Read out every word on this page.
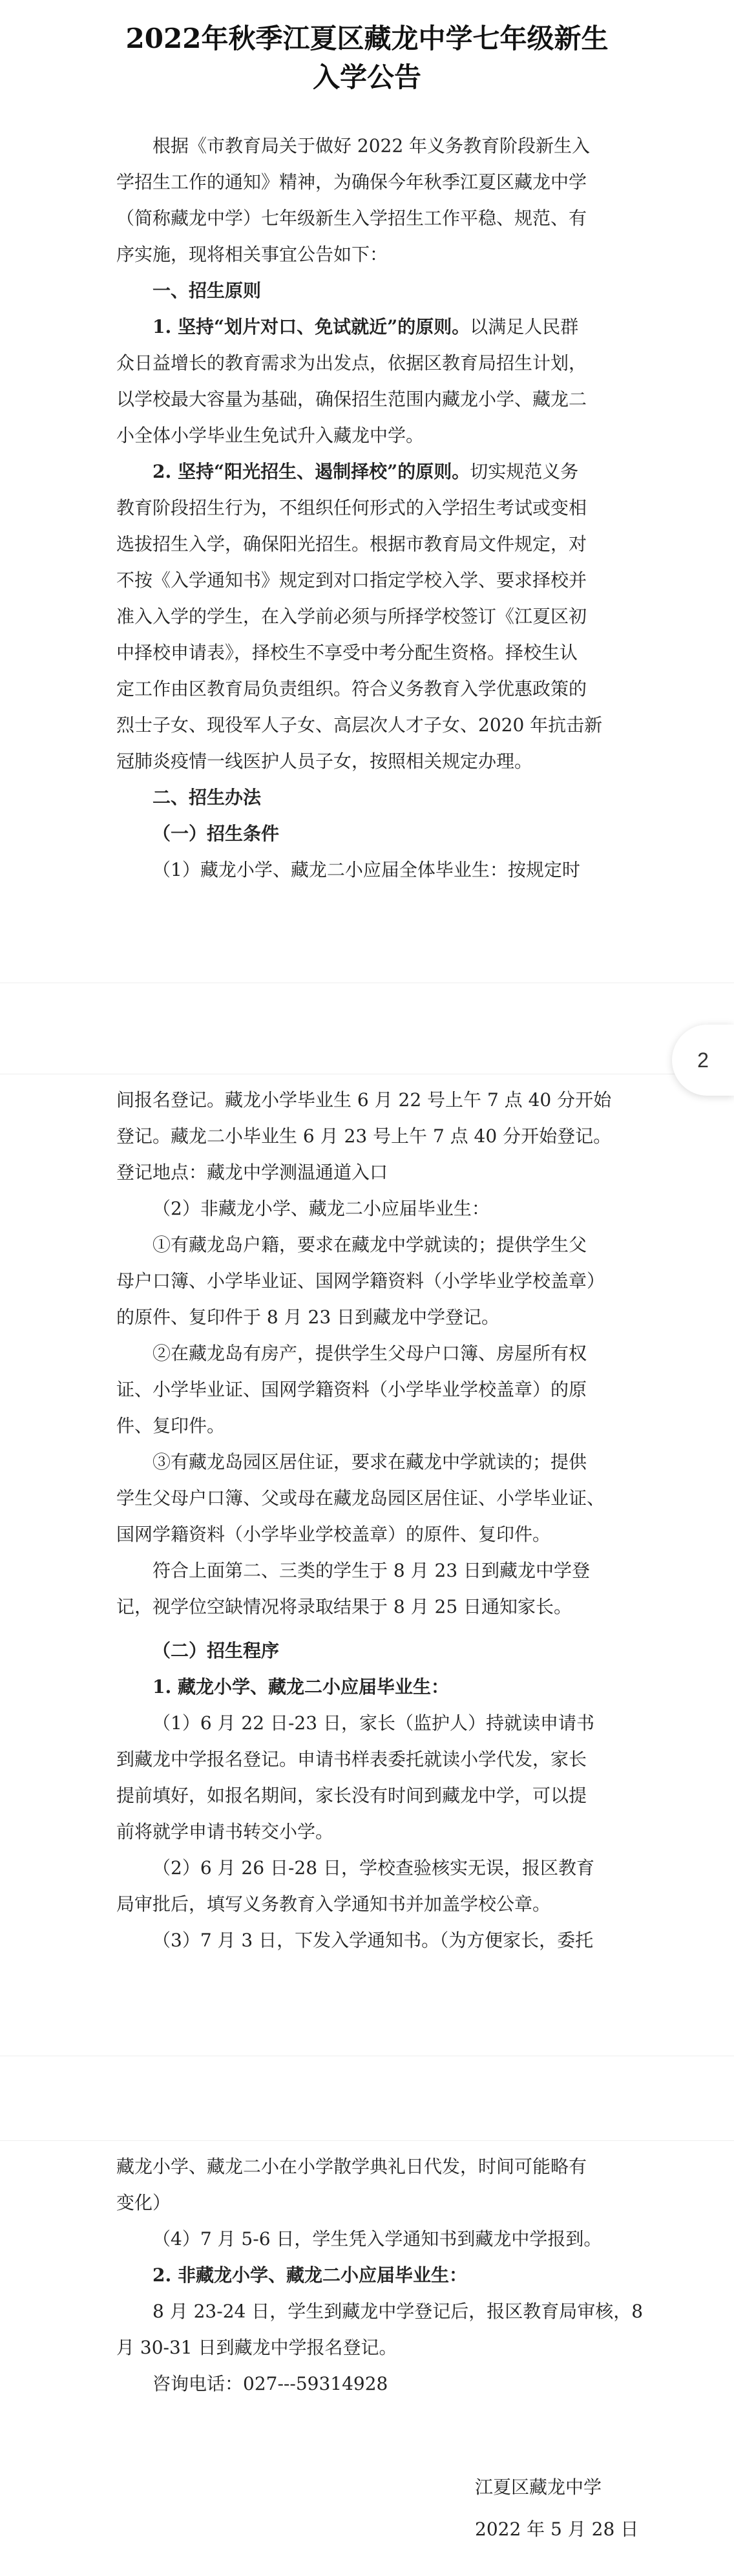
2022年秋季江夏区藏龙中学七年级新生
入学公告
根据《市教育局关于做好 2022 年义务教育阶段新生入
学招生工作的通知》精神，为确保今年秋季江夏区藏龙中学
（简称藏龙中学）七年级新生入学招生工作平稳、规范、有
序实施，现将相关事宜公告如下：
一、招生原则
1. 坚持“划片对口、免试就近”的原则。以满足人民群
众日益增长的教育需求为出发点，依据区教育局招生计划，
以学校最大容量为基础，确保招生范围内藏龙小学、藏龙二
小全体小学毕业生免试升入藏龙中学。
2. 坚持“阳光招生、遏制择校”的原则。切实规范义务
教育阶段招生行为，不组织任何形式的入学招生考试或变相
选拔招生入学，确保阳光招生。根据市教育局文件规定，对
不按《入学通知书》规定到对口指定学校入学、要求择校并
准入入学的学生，在入学前必须与所择学校签订《江夏区初
中择校申请表》，择校生不享受中考分配生资格。择校生认
定工作由区教育局负责组织。符合义务教育入学优惠政策的
烈士子女、现役军人子女、高层次人才子女、2020 年抗击新
冠肺炎疫情一线医护人员子女，按照相关规定办理。
二、招生办法
（一）招生条件
（1）藏龙小学、藏龙二小应届全体毕业生：按规定时
2
间报名登记。藏龙小学毕业生 6 月 22 号上午 7 点 40 分开始
登记。藏龙二小毕业生 6 月 23 号上午 7 点 40 分开始登记。
登记地点：藏龙中学测温通道入口
（2）非藏龙小学、藏龙二小应届毕业生：
①有藏龙岛户籍，要求在藏龙中学就读的；提供学生父
母户口簿、小学毕业证、国网学籍资料（小学毕业学校盖章）
的原件、复印件于 8 月 23 日到藏龙中学登记。
②在藏龙岛有房产，提供学生父母户口簿、房屋所有权
证、小学毕业证、国网学籍资料（小学毕业学校盖章）的原
件、复印件。
③有藏龙岛园区居住证，要求在藏龙中学就读的；提供
学生父母户口簿、父或母在藏龙岛园区居住证、小学毕业证、
国网学籍资料（小学毕业学校盖章）的原件、复印件。
符合上面第二、三类的学生于 8 月 23 日到藏龙中学登
记，视学位空缺情况将录取结果于 8 月 25 日通知家长。
（二）招生程序
1. 藏龙小学、藏龙二小应届毕业生：
（1）6 月 22 日-23 日，家长（监护人）持就读申请书
到藏龙中学报名登记。申请书样表委托就读小学代发，家长
提前填好，如报名期间，家长没有时间到藏龙中学，可以提
前将就学申请书转交小学。
（2）6 月 26 日-28 日，学校查验核实无误，报区教育
局审批后，填写义务教育入学通知书并加盖学校公章。
（3）7 月 3 日，下发入学通知书。（为方便家长，委托
藏龙小学、藏龙二小在小学散学典礼日代发，时间可能略有
变化）
（4）7 月 5-6 日，学生凭入学通知书到藏龙中学报到。
2. 非藏龙小学、藏龙二小应届毕业生：
8 月 23-24 日，学生到藏龙中学登记后，报区教育局审核，8
月 30-31 日到藏龙中学报名登记。
咨询电话：027---59314928
江夏区藏龙中学
2022 年 5 月 28 日
